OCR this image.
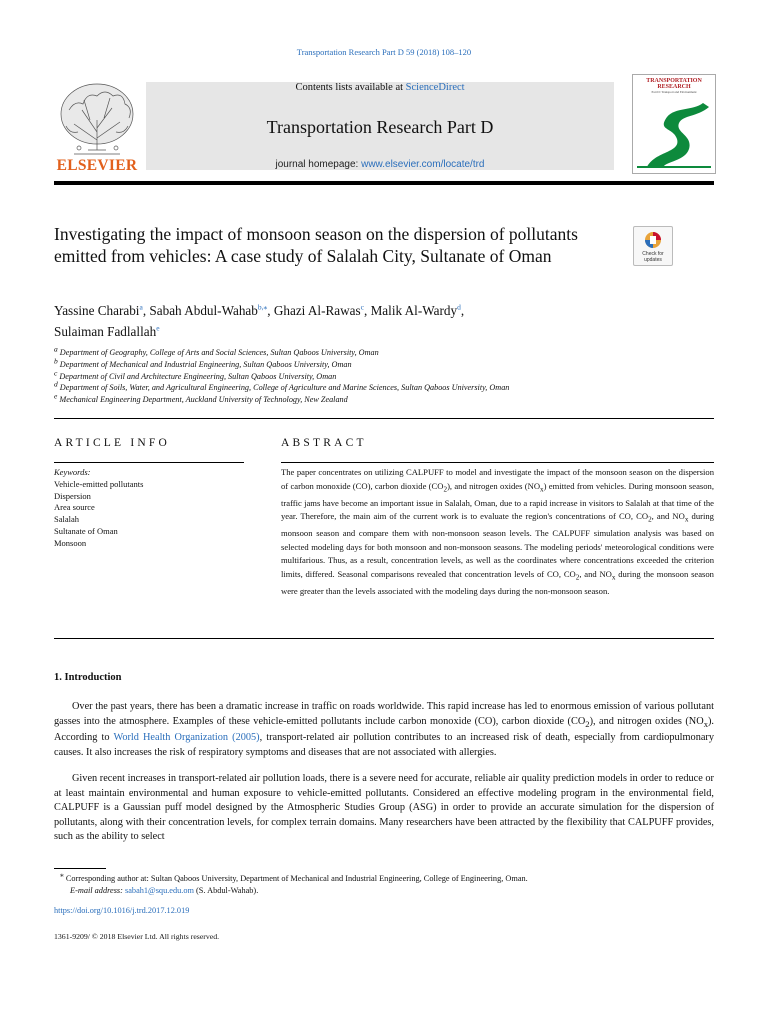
Transportation Research Part D 59 (2018) 108–120
ELSEVIER
Contents lists available at ScienceDirect
Transportation Research Part D
journal homepage: www.elsevier.com/locate/trd
TRANSPORTATION RESEARCH
Part D: Transport and Environment
Investigating the impact of monsoon season on the dispersion of pollutants emitted from vehicles: A case study of Salalah City, Sultanate of Oman	Check for updates
Yassine Charabi$^a$, Sabah Abdul-Wahab$^{b,⁎}$, Ghazi Al-Rawas$^c$, Malik Al-Wardy$^d$,
Sulaiman Fadlallah$^e$
$^a$ Department of Geography, College of Arts and Social Sciences, Sultan Qaboos University, Oman
$^b$ Department of Mechanical and Industrial Engineering, Sultan Qaboos University, Oman
$^c$ Department of Civil and Architecture Engineering, Sultan Qaboos University, Oman
$^d$ Department of Soils, Water, and Agricultural Engineering, College of Agriculture and Marine Sciences, Sultan Qaboos University, Oman
$^e$ Mechanical Engineering Department, Auckland University of Technology, New Zealand
ARTICLE INFO	ABSTRACT
Keywords:
Vehicle-emitted pollutants
Dispersion
Area source
Salalah
Sultanate of Oman
Monsoon
The paper concentrates on utilizing CALPUFF to model and investigate the impact of the monsoon season on the dispersion of carbon monoxide (CO), carbon dioxide $(CO_2)$, and nitrogen oxides $(NO_x)$ emitted from vehicles. During monsoon season, traffic jams have become an important issue in Salalah, Oman, due to a rapid increase in visitors to Salalah at that time of the year. Therefore, the main aim of the current work is to evaluate the region's concentrations of CO, $CO_2$, and $NO_x$ during monsoon season and compare them with non-monsoon season levels. The CALPUFF simulation analysis was based on selected modeling days for both monsoon and non-monsoon seasons. The modeling periods' meteorological conditions were multifarious. Thus, as a result, concentration levels, as well as the coordinates where concentrations exceeded the criterion limits, differed. Seasonal comparisons revealed that concentration levels of CO, $CO_2$, and $NO_x$ during the monsoon season were greater than the levels associated with the modeling days during the non-monsoon season.
1. Introduction
Over the past years, there has been a dramatic increase in traffic on roads worldwide. This rapid increase has led to enormous emission of various pollutant gasses into the atmosphere. Examples of these vehicle-emitted pollutants include carbon monoxide (CO), carbon dioxide $(CO_2)$, and nitrogen oxides $(NO_x)$. According to World Health Organization (2005), transport-related air pollution contributes to an increased risk of death, especially from cardiopulmonary causes. It also increases the risk of respiratory symptoms and diseases that are not associated with allergies.
Given recent increases in transport-related air pollution loads, there is a severe need for accurate, reliable air quality prediction models in order to reduce or at least maintain environmental and human exposure to vehicle-emitted pollutants. Considered an effective modeling program in the environmental field, CALPUFF is a Gaussian puff model designed by the Atmospheric Studies Group (ASG) in order to provide an accurate simulation for the dispersion of pollutants, along with their concentration levels, for complex terrain domains. Many researchers have been attracted by the flexibility that CALPUFF provides, such as the ability to select
⁎ Corresponding author at: Sultan Qaboos University, Department of Mechanical and Industrial Engineering, College of Engineering, Oman.
E-mail address: sabah1@squ.edu.om (S. Abdul-Wahab).
https://doi.org/10.1016/j.trd.2017.12.019
1361-9209/ © 2018 Elsevier Ltd. All rights reserved.
